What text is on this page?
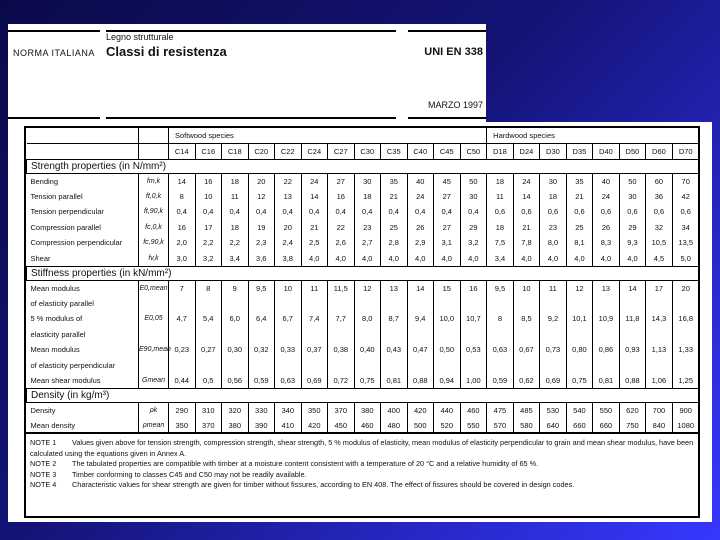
NORMA ITALIANA
Legno strutturale
Classi di resistenza	UNI EN 338
MARZO 1997
		Softwood species												Hardwood species							
		C14	C16	C18	C20	C22	C24	C27	C30	C35	C40	C45	C50	D18	D24	D30	D35	D40	D50	D60	D70
Strength properties (in N/mm²)																					
Bending	fm,k	14	16	18	20	22	24	27	30	35	40	45	50	18	24	30	35	40	50	60	70
Tension parallel	ft,0,k	8	10	11	12	13	14	16	18	21	24	27	30	11	14	18	21	24	30	36	42
Tension perpendicular	ft,90,k	0,4	0,4	0,4	0,4	0,4	0,4	0,4	0,4	0,4	0,4	0,4	0,4	0,6	0,6	0,6	0,6	0,6	0,6	0,6	0,6
Compression parallel	fc,0,k	16	17	18	19	20	21	22	23	25	26	27	29	18	21	23	25	26	29	32	34
Compression perpendicular	fc,90,k	2,0	2,2	2,2	2,3	2,4	2,5	2,6	2,7	2,8	2,9	3,1	3,2	7,5	7,8	8,0	8,1	8,3	9,3	10,5	13,5
Shear	fv,k	3,0	3,2	3,4	3,6	3,8	4,0	4,0	4,0	4,0	4,0	4,0	4,0	3,4	4,0	4,0	4,0	4,0	4,0	4,5	5,0
Stiffness properties (in kN/mm²)																					
Mean modulus	E0,mean	7	8	9	9,5	10	11	11,5	12	13	14	15	16	9,5	10	11	12	13	14	17	20
of elasticity parallel																					
5 % modulus of	E0,05	4,7	5,4	6,0	6,4	6,7	7,4	7,7	8,0	8,7	9,4	10,0	10,7	8	8,5	9,2	10,1	10,9	11,8	14,3	16,8
elasticity parallel																					
Mean modulus	E90,mean	0,23	0,27	0,30	0,32	0,33	0,37	0,38	0,40	0,43	0,47	0,50	0,53	0,63	0,67	0,73	0,80	0,86	0,93	1,13	1,33
of elasticity perpendicular																					
Mean shear modulus	Gmean	0,44	0,5	0,56	0,59	0,63	0,69	0,72	0,75	0,81	0,88	0,94	1,00	0,59	0,62	0,69	0,75	0,81	0,88	1,06	1,25
Density (in kg/m³)																					
Density	ρk	290	310	320	330	340	350	370	380	400	420	440	460	475	485	530	540	550	620	700	900
Mean density	ρmean	350	370	380	390	410	420	450	460	480	500	520	550	570	580	640	660	660	750	840	1080
NOTE 1 Values given above for tension strength, compression strength, shear strength, 5 % modulus of elasticity, mean modulus of elasticity perpendicular to grain and mean shear modulus, have been calculated using the equations given in Annex A.
NOTE 2 The tabulated properties are compatible with timber at a moisture content consistent with a temperature of 20 °C and a relative humidity of 65 %.
NOTE 3 Timber conforming to classes C45 and C50 may not be readily available.
NOTE 4 Characteristic values for shear strength are given for timber without fissures, according to EN 408. The effect of fissures should be covered in design codes.
